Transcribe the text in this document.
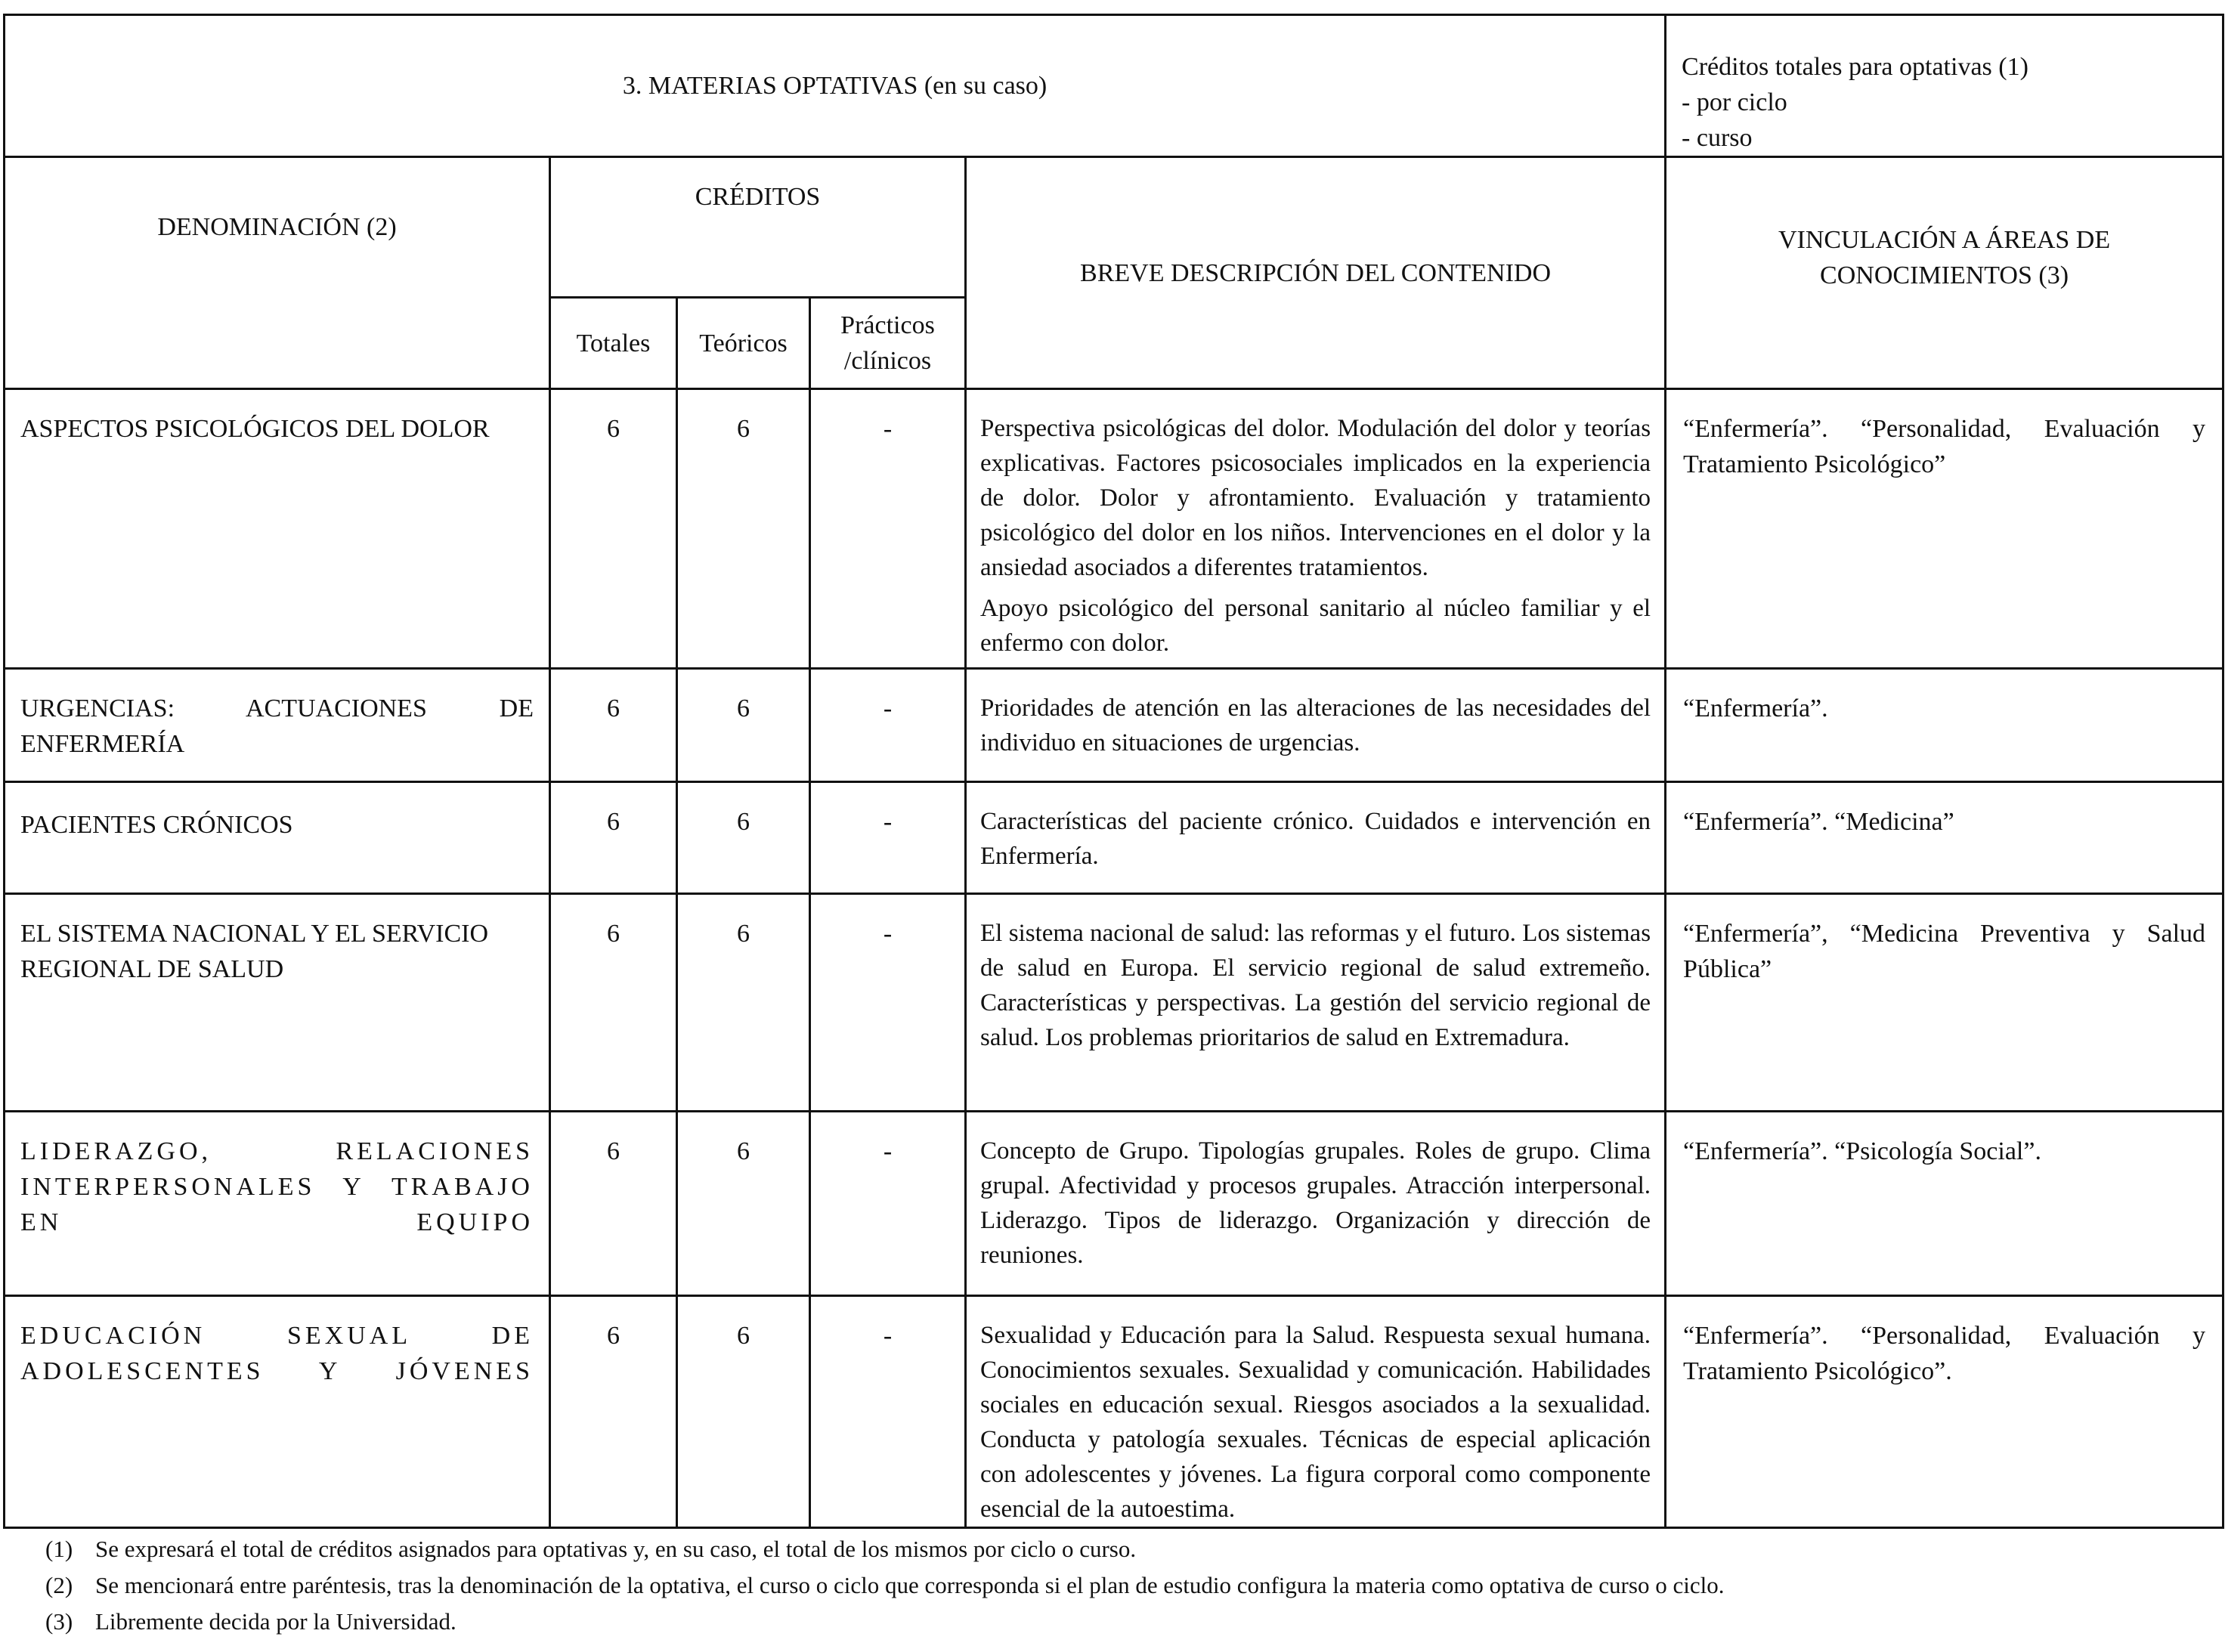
3. MATERIAS OPTATIVAS (en su caso)					Créditos totales para optativas (1)
- por ciclo
- curso

DENOMINACIÓN (2)	CRÉDITOS			BREVE DESCRIPCIÓN DEL CONTENIDO	VINCULACIÓN A ÁREAS DE CONOCIMIENTOS (3)
	Totales	Teóricos	Prácticos /clínicos		
ASPECTOS PSICOLÓGICOS DEL DOLOR	6	6	-	Perspectiva psicológicas del dolor. Modulación del dolor y teorías explicativas. Factores psicosociales implicados en la experiencia de dolor. Dolor y afrontamiento. Evaluación y tratamiento psicológico del dolor en los niños. Intervenciones en el dolor y la ansiedad asociados a diferentes tratamientos.

Apoyo psicológico del personal sanitario al núcleo familiar y el enfermo con dolor.	“Enfermería”. “Personalidad, Evaluación y Tratamiento Psicológico”
URGENCIAS: ACTUACIONES DE ENFERMERÍA	6	6	-	Prioridades de atención en las alteraciones de las necesidades del individuo en situaciones de urgencias.	“Enfermería”.
PACIENTES CRÓNICOS	6	6	-	Características del paciente crónico. Cuidados e intervención en Enfermería.	“Enfermería”. “Medicina”
EL SISTEMA NACIONAL Y EL SERVICIO REGIONAL DE SALUD	6	6	-	El sistema nacional de salud: las reformas y el futuro. Los sistemas de salud en Europa. El servicio regional de salud extremeño. Características y perspectivas. La gestión del servicio regional de salud. Los problemas prioritarios de salud en Extremadura.	“Enfermería”, “Medicina Preventiva y Salud Pública”
LIDERAZGO, RELACIONES INTERPERSONALES Y TRABAJO EN EQUIPO	6	6	-	Concepto de Grupo. Tipologías grupales. Roles de grupo. Clima grupal. Afectividad y procesos grupales. Atracción interpersonal. Liderazgo. Tipos de liderazgo. Organización y dirección de reuniones.	“Enfermería”. “Psicología Social”.
EDUCACIÓN SEXUAL DE ADOLESCENTES Y JÓVENES	6	6	-	Sexualidad y Educación para la Salud. Respuesta sexual humana. Conocimientos sexuales. Sexualidad y comunicación. Habilidades sociales en educación sexual. Riesgos asociados a la sexualidad. Conducta y patología sexuales. Técnicas de especial aplicación con adolescentes y jóvenes. La figura corporal como componente esencial de la autoestima.	“Enfermería”. “Personalidad, Evaluación y Tratamiento Psicológico”.
(1) Se expresará el total de créditos asignados para optativas y, en su caso, el total de los mismos por ciclo o curso.
(2) Se mencionará entre paréntesis, tras la denominación de la optativa, el curso o ciclo que corresponda si el plan de estudio configura la materia como optativa de curso o ciclo.
(3) Libremente decida por la Universidad.
